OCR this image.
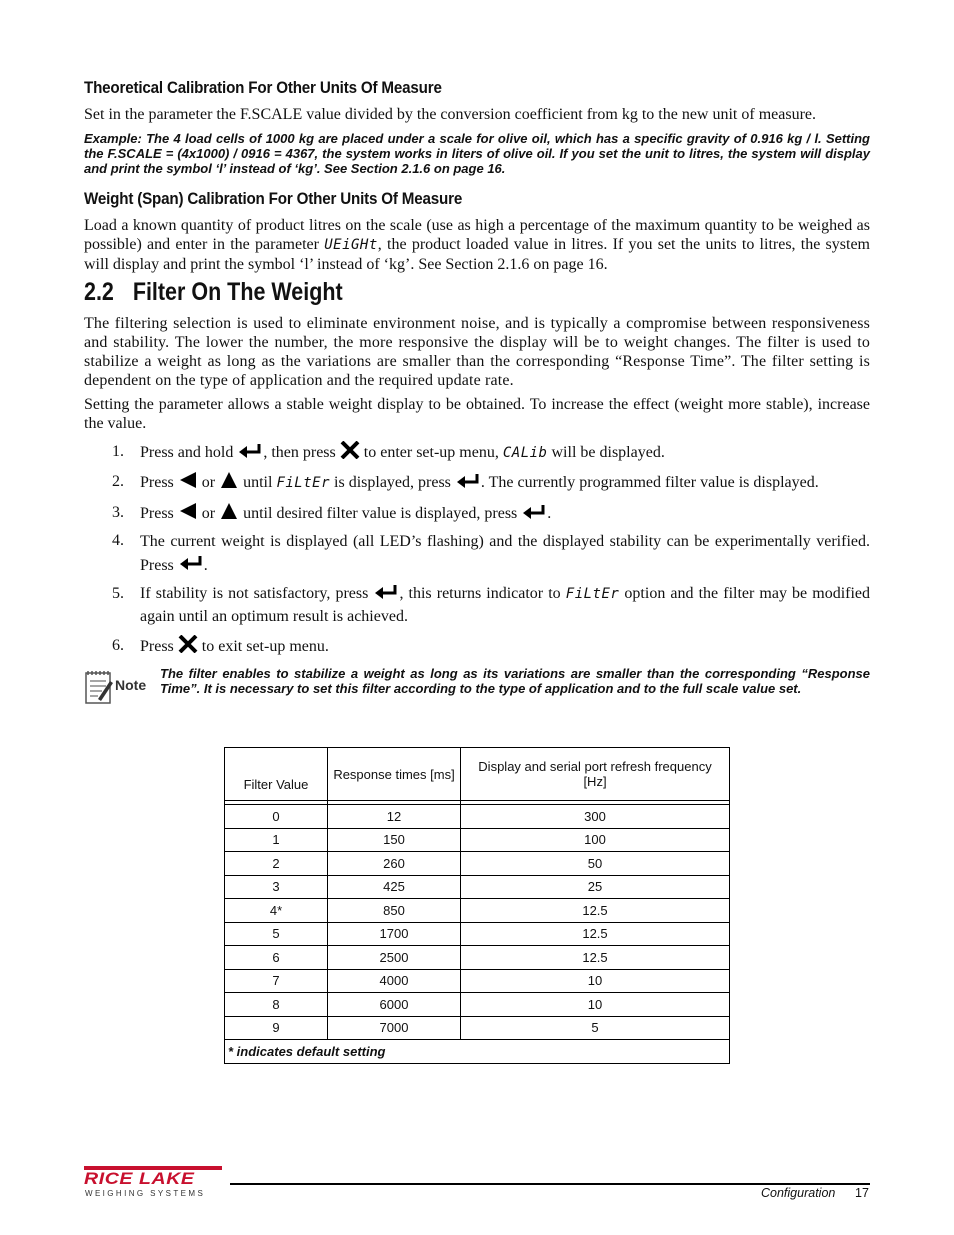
Theoretical Calibration For Other Units Of Measure
Set in the parameter the F.SCALE value divided by the conversion coefficient from kg to the new unit of measure.
Example: The 4 load cells of 1000 kg are placed under a scale for olive oil, which has a specific gravity of 0.916 kg / l. Setting the F.SCALE = (4x1000) / 0916 = 4367, the system works in liters of olive oil. If you set the unit to litres, the system will display and print the symbol ‘l’ instead of ‘kg’. See Section 2.1.6 on page 16.
Weight (Span) Calibration For Other Units Of Measure
Load a known quantity of product litres on the scale (use as high a percentage of the maximum quantity to be weighed as possible) and enter in the parameter UEiGHt, the product loaded value in litres. If you set the units to litres, the system will display and print the symbol ‘l’ instead of ‘kg’. See Section 2.1.6 on page 16.
2.2 Filter On The Weight
The filtering selection is used to eliminate environment noise, and is typically a compromise between responsiveness and stability. The lower the number, the more responsive the display will be to weight changes. The filter is used to stabilize a weight as long as the variations are smaller than the corresponding “Response Time”. The filter setting is dependent on the type of application and the required update rate.
Setting the parameter allows a stable weight display to be obtained. To increase the effect (weight more stable), increase the value.
1. Press and hold , then press  to enter set-up menu, CALib will be displayed.
2. Press  or  until FiLtEr is displayed, press . The currently programmed filter value is displayed.
3. Press  or  until desired filter value is displayed, press .
4. The current weight is displayed (all LED’s flashing) and the displayed stability can be experimentally verified. Press .
5. If stability is not satisfactory, press , this returns indicator to FiLtEr option and the filter may be modified again until an optimum result is achieved.
6. Press  to exit set-up menu.
Note
The filter enables to stabilize a weight as long as its variations are smaller than the corresponding “Response Time”. It is necessary to set this filter according to the type of application and to the full scale value set.
Filter Value	Response times [ms]	Display and serial port refresh frequency [Hz]

0	12	300
1	150	100
2	260	50
3	425	25
4*	850	12.5
5	1700	12.5
6	2500	12.5
7	4000	10
8	6000	10
9	7000	5
* indicates default setting		
RICE LAKE
WEIGHING SYSTEMS	Configuration 17
